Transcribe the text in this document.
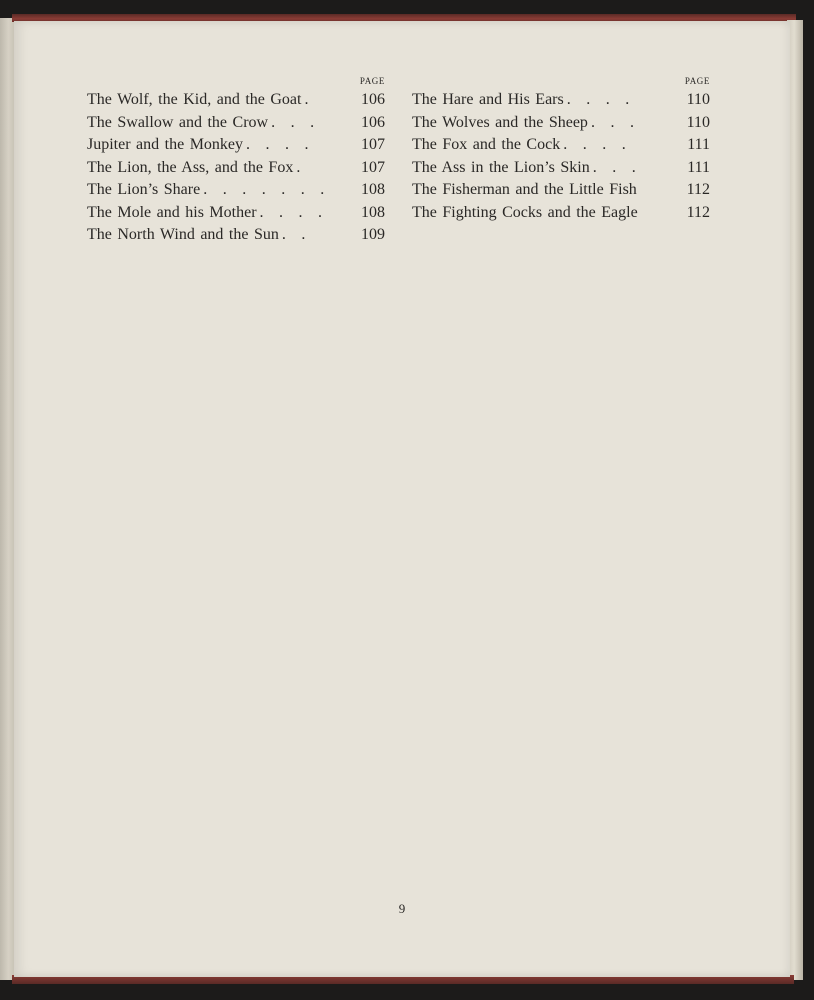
PAGE
The Wolf, the Kid, and the Goat .	106
The Swallow and the Crow . . .	106
Jupiter and the Monkey . . . .	107
The Lion, the Ass, and the Fox .	107
The Lion’s Share . . . . . . .	108
The Mole and his Mother . . . .	108
The North Wind and the Sun . .	109
PAGE
The Hare and His Ears . . . .	110
The Wolves and the Sheep . . .	110
The Fox and the Cock . . . .	111
The Ass in the Lion’s Skin . . .	111
The Fisherman and the Little Fish	112
The Fighting Cocks and the Eagle	112
9
